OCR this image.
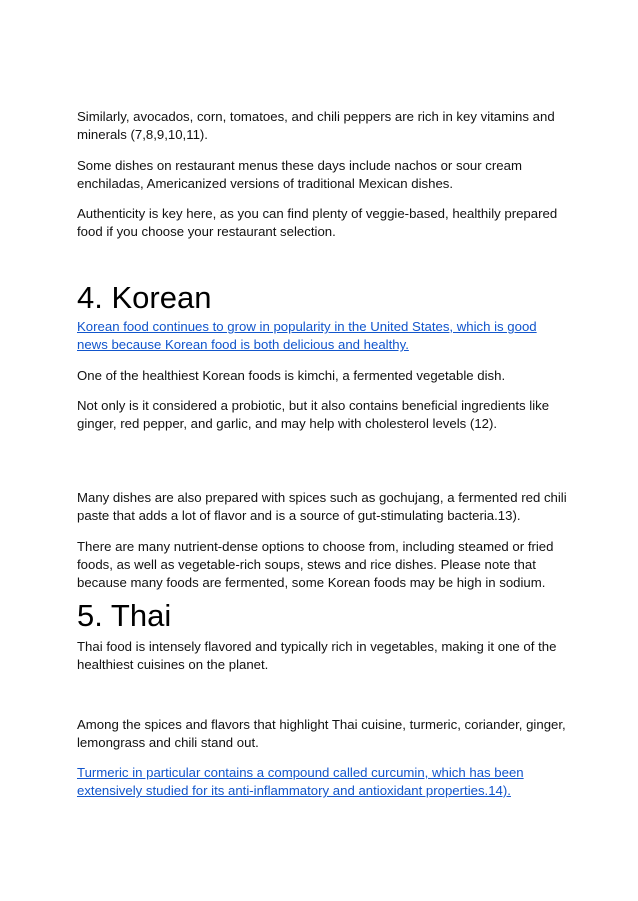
Similarly, avocados, corn, tomatoes, and chili peppers are rich in key vitamins and minerals (7,8,9,10,11).

Some dishes on restaurant menus these days include nachos or sour cream enchiladas, Americanized versions of traditional Mexican dishes.

Authenticity is key here, as you can find plenty of veggie-based, healthily prepared food if you choose your restaurant selection.

4. Korean

Korean food continues to grow in popularity in the United States, which is good news because Korean food is both delicious and healthy.

One of the healthiest Korean foods is kimchi, a fermented vegetable dish.

Not only is it considered a probiotic, but it also contains beneficial ingredients like ginger, red pepper, and garlic, and may help with cholesterol levels (12).

Many dishes are also prepared with spices such as gochujang, a fermented red chili paste that adds a lot of flavor and is a source of gut-stimulating bacteria.13).

There are many nutrient-dense options to choose from, including steamed or fried foods, as well as vegetable-rich soups, stews and rice dishes. Please note that because many foods are fermented, some Korean foods may be high in sodium.

5. Thai

Thai food is intensely flavored and typically rich in vegetables, making it one of the healthiest cuisines on the planet.

Among the spices and flavors that highlight Thai cuisine, turmeric, coriander, ginger, lemongrass and chili stand out.

Turmeric in particular contains a compound called curcumin, which has been extensively studied for its anti-inflammatory and antioxidant properties.14).
